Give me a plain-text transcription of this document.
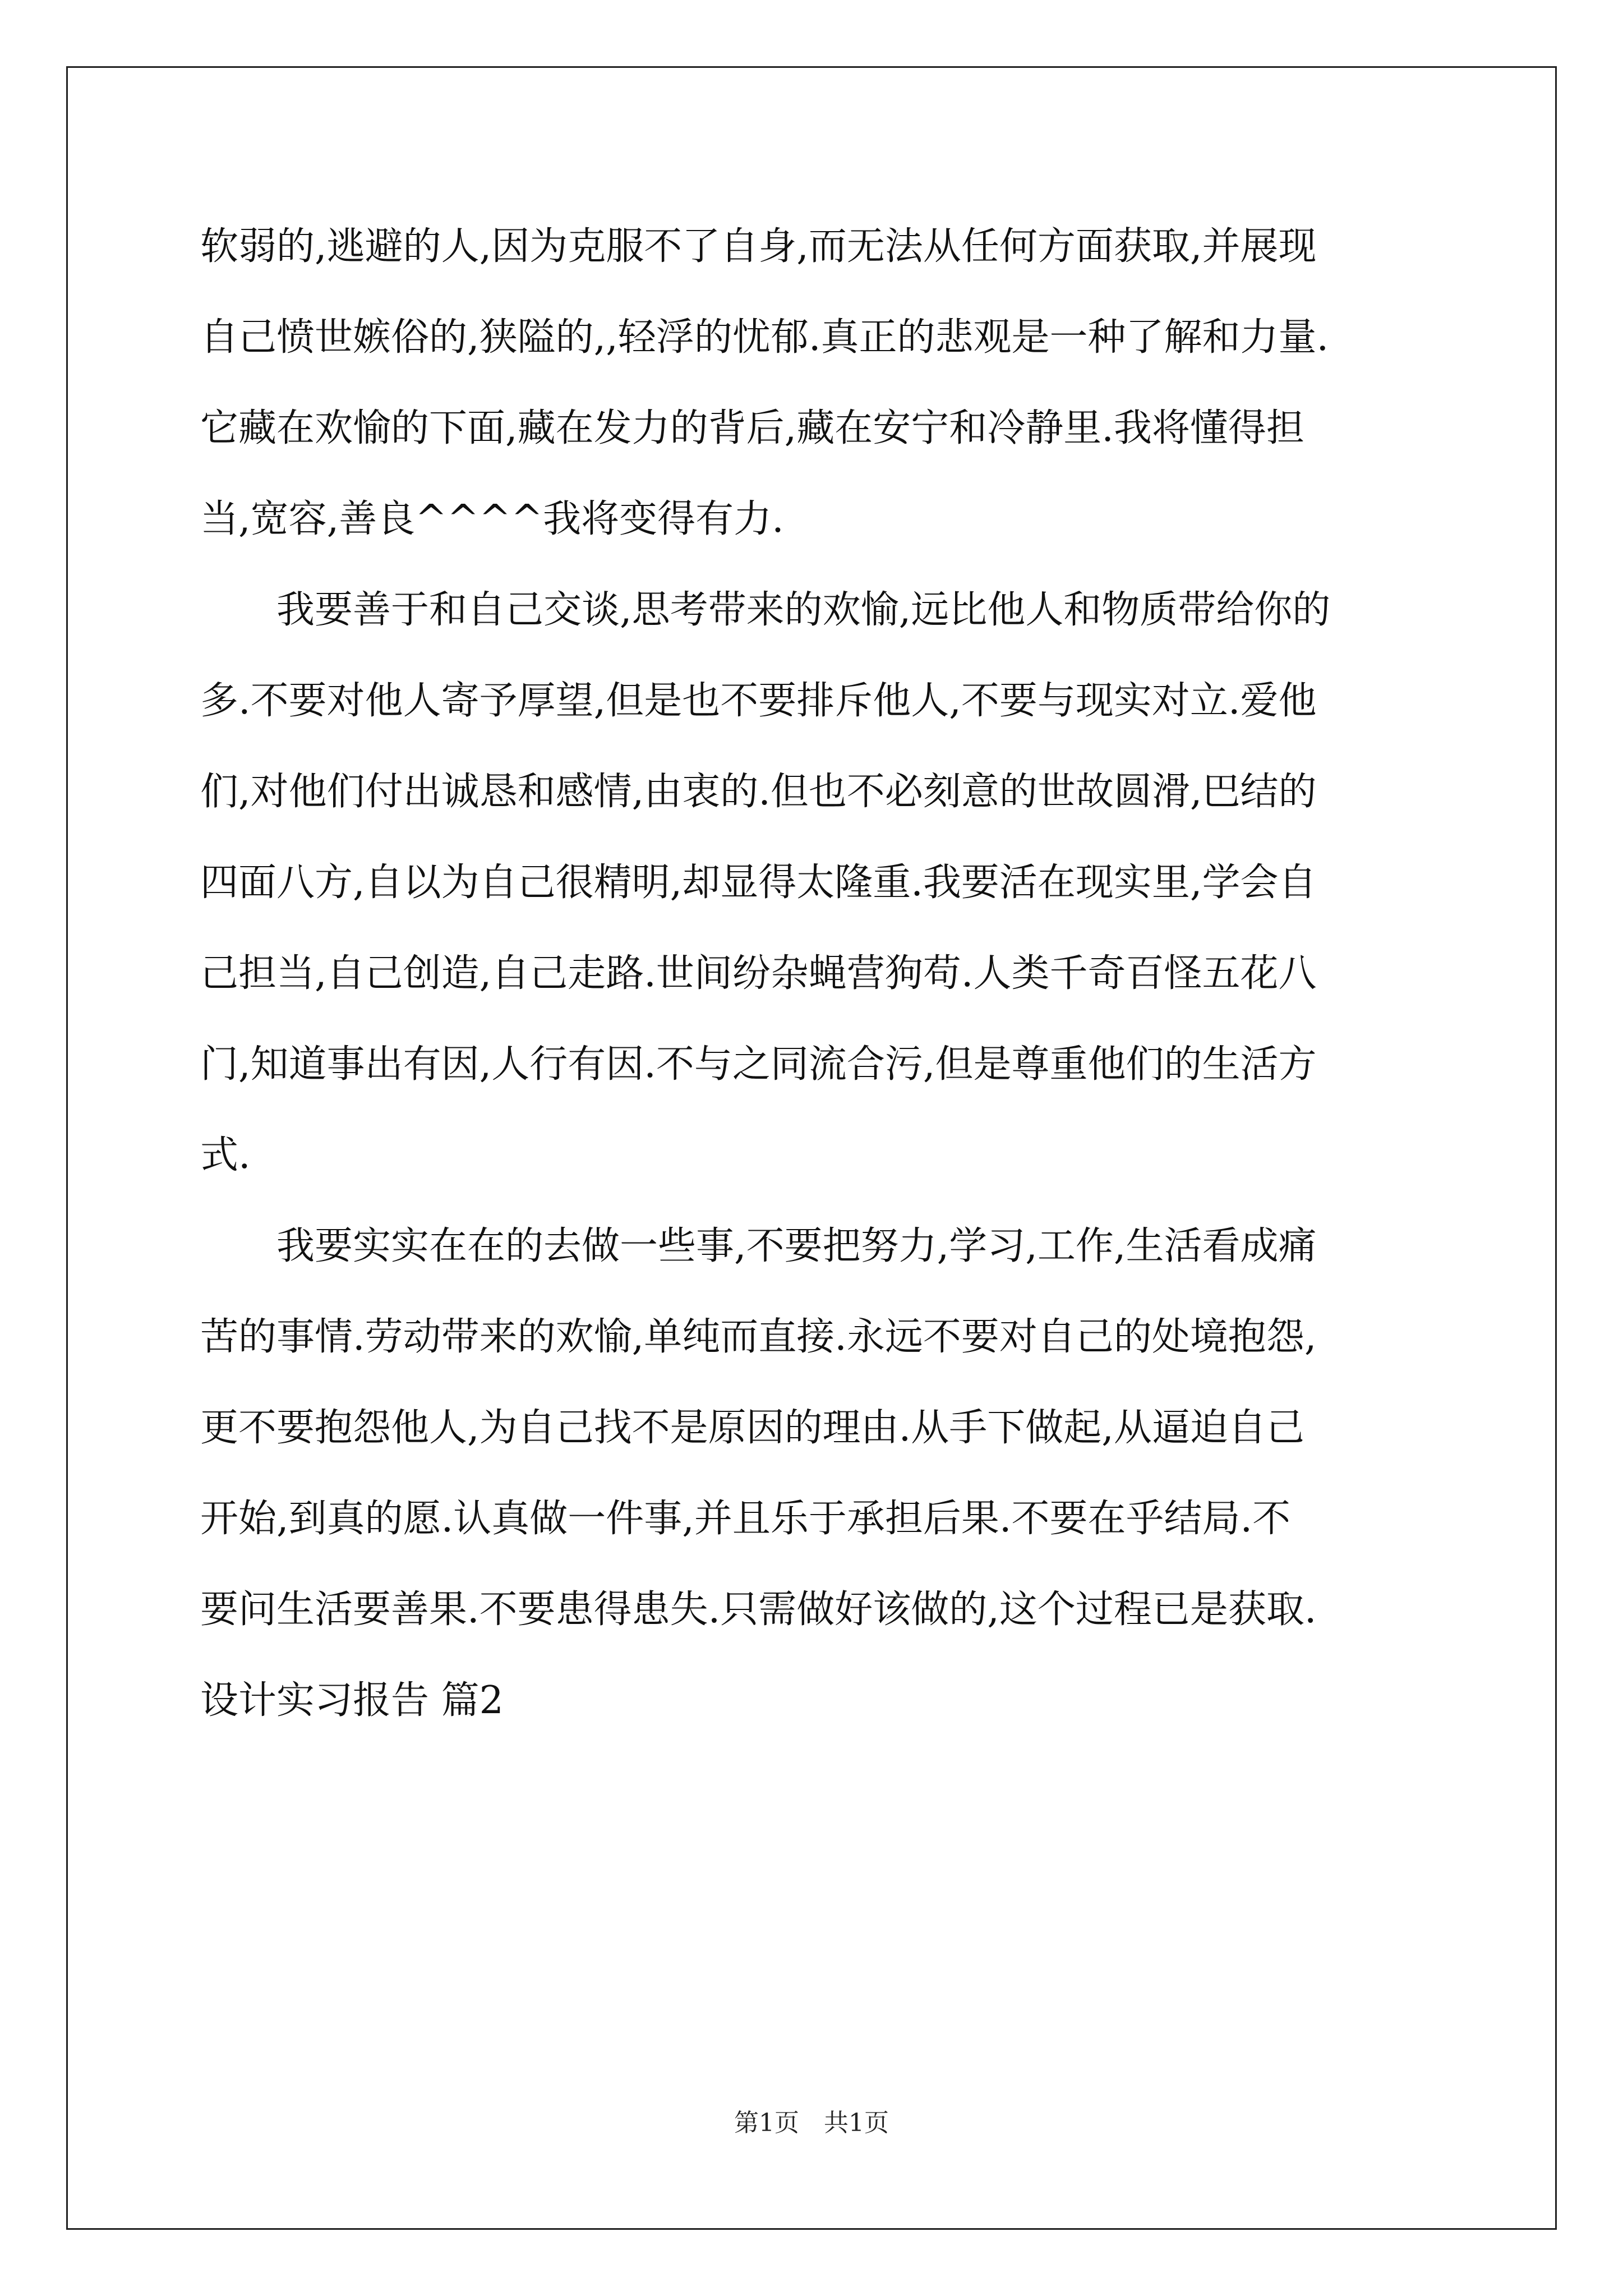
软弱的,逃避的人,因为克服不了自身,而无法从任何方面获取,并展现
自己愤世嫉俗的,狭隘的,,轻浮的忧郁.真正的悲观是一种了解和力量.
它藏在欢愉的下面,藏在发力的背后,藏在安宁和冷静里.我将懂得担
当,宽容,善良^^^^我将变得有力.
我要善于和自己交谈,思考带来的欢愉,远比他人和物质带给你的
多.不要对他人寄予厚望,但是也不要排斥他人,不要与现实对立.爱他
们,对他们付出诚恳和感情,由衷的.但也不必刻意的世故圆滑,巴结的
四面八方,自以为自己很精明,却显得太隆重.我要活在现实里,学会自
己担当,自己创造,自己走路.世间纷杂蝇营狗苟.人类千奇百怪五花八
门,知道事出有因,人行有因.不与之同流合污,但是尊重他们的生活方
式.
我要实实在在的去做一些事,不要把努力,学习,工作,生活看成痛
苦的事情.劳动带来的欢愉,单纯而直接.永远不要对自己的处境抱怨,
更不要抱怨他人,为自己找不是原因的理由.从手下做起,从逼迫自己
开始,到真的愿.认真做一件事,并且乐于承担后果.不要在乎结局.不
要问生活要善果.不要患得患失.只需做好该做的,这个过程已是获取.
设计实习报告 篇2
第1页　共1页
